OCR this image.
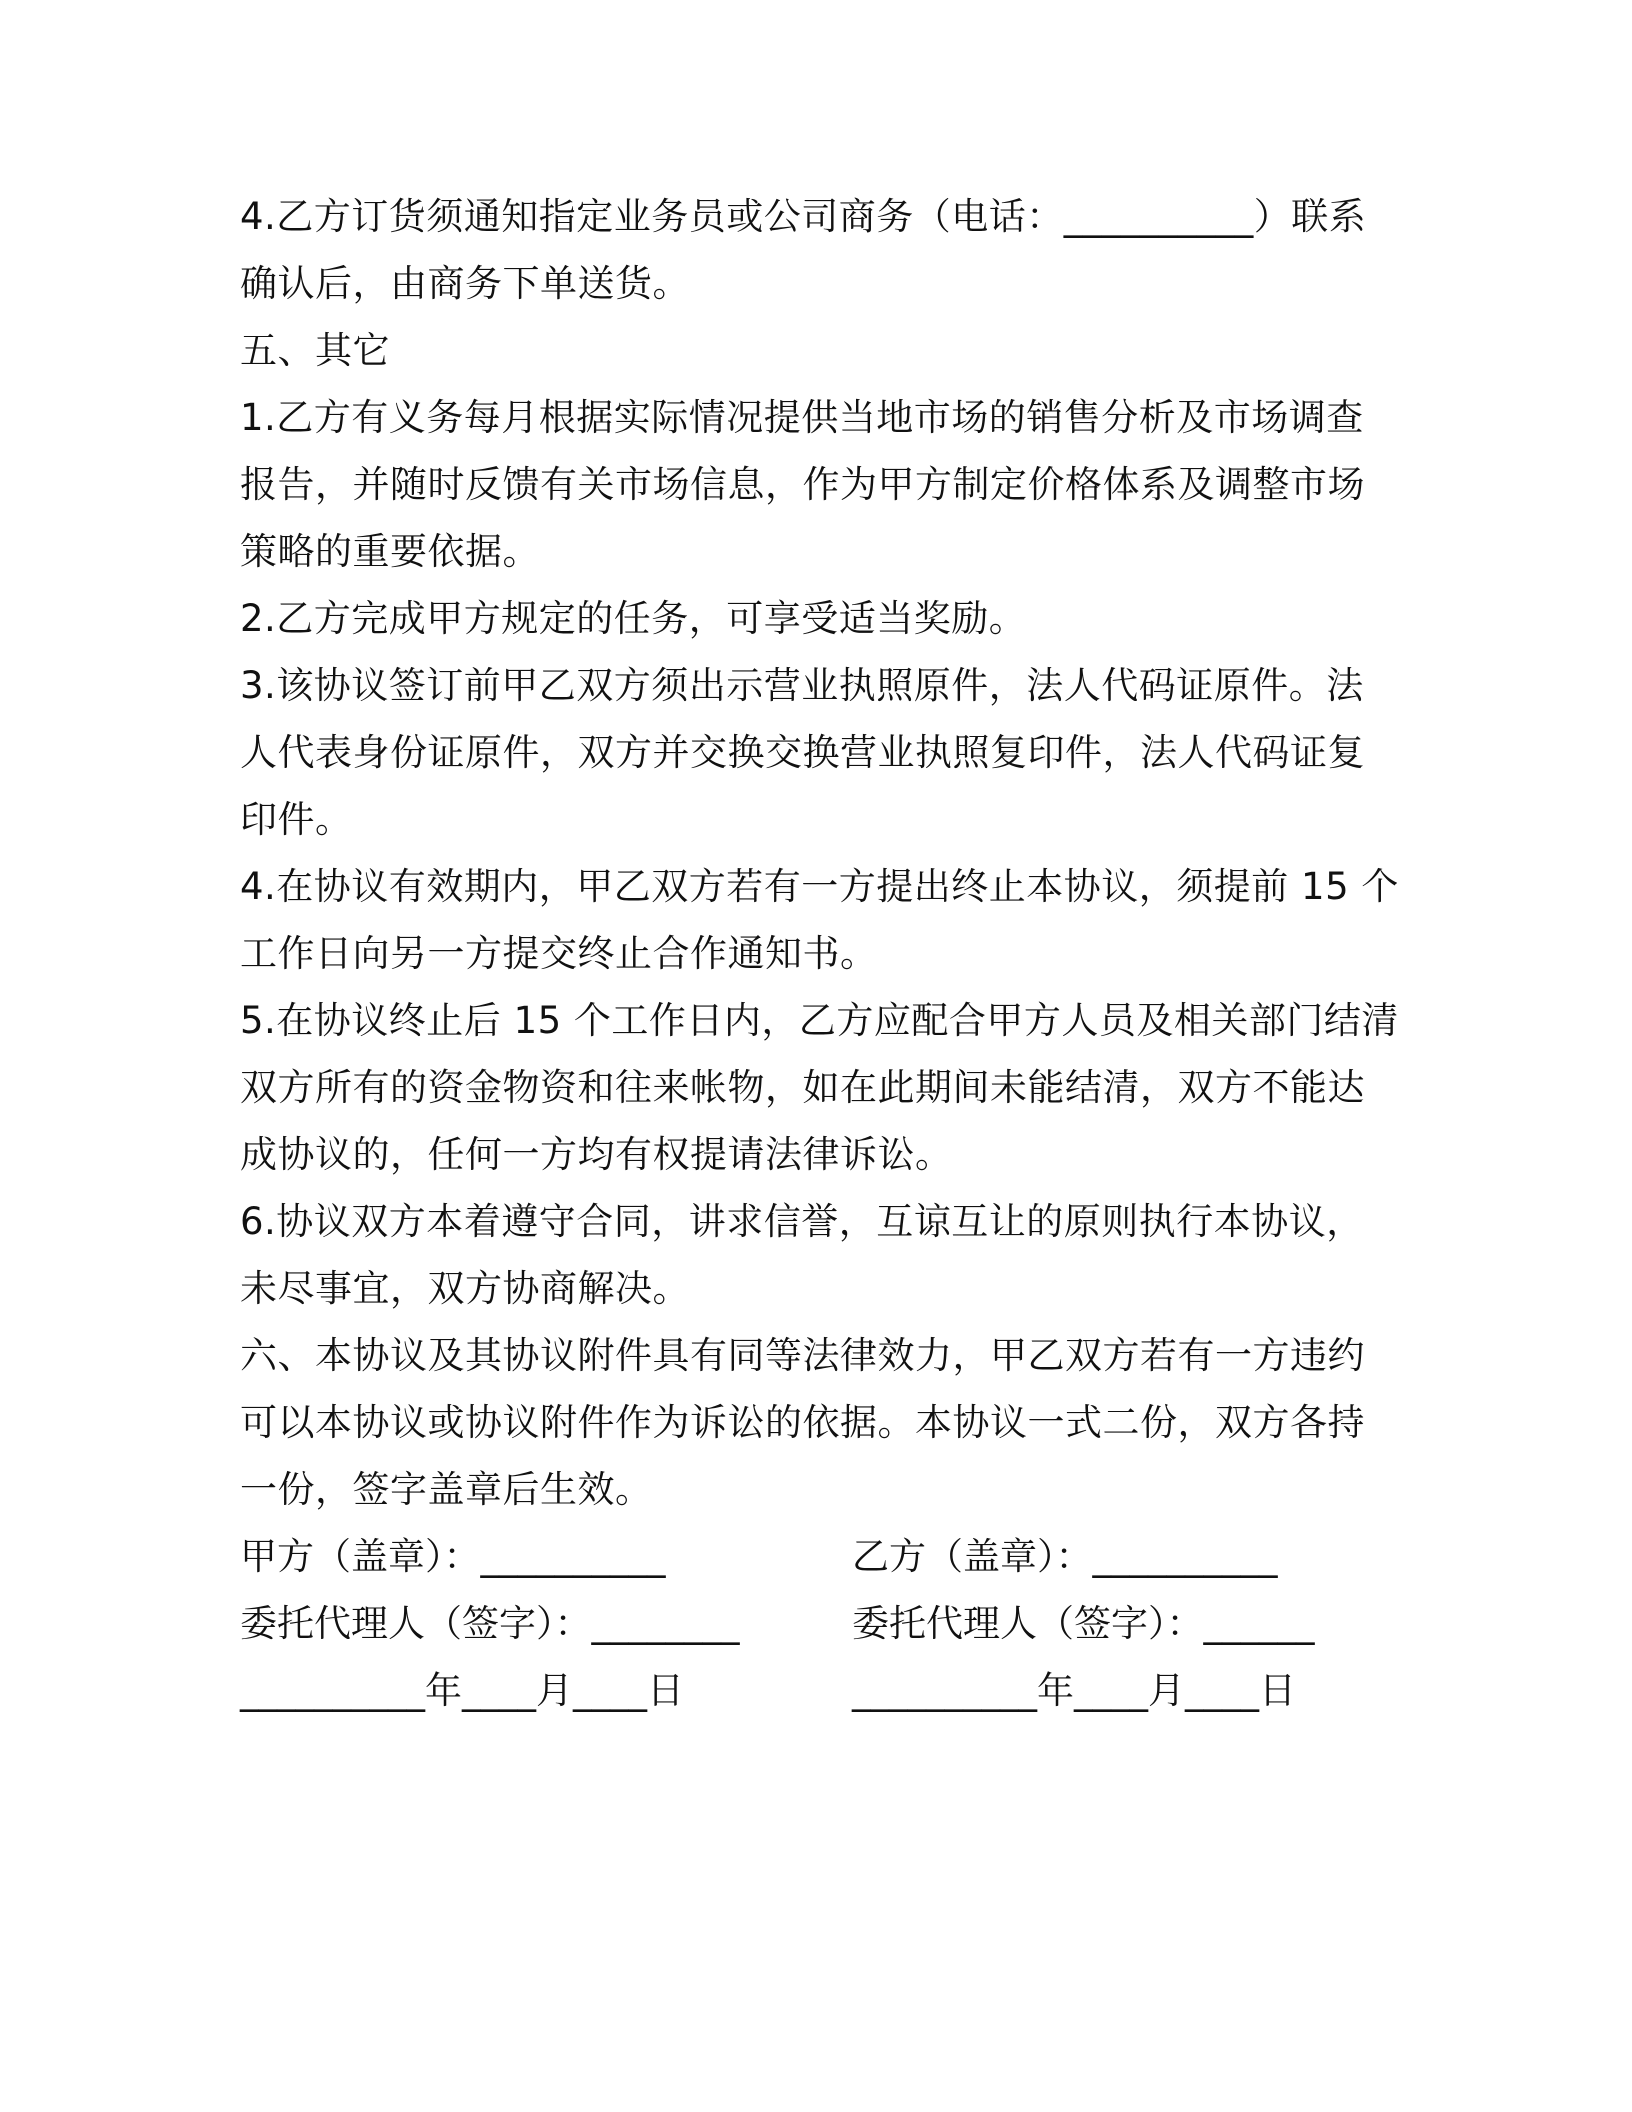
4.乙方订货须通知指定业务员或公司商务（电话：__________）联系
确认后，由商务下单送货。
五、其它
1.乙方有义务每月根据实际情况提供当地市场的销售分析及市场调查
报告，并随时反馈有关市场信息，作为甲方制定价格体系及调整市场
策略的重要依据。
2.乙方完成甲方规定的任务，可享受适当奖励。
3.该协议签订前甲乙双方须出示营业执照原件，法人代码证原件。法
人代表身份证原件，双方并交换交换营业执照复印件，法人代码证复
印件。
4.在协议有效期内，甲乙双方若有一方提出终止本协议，须提前 15 个
工作日向另一方提交终止合作通知书。
5.在协议终止后 15 个工作日内，乙方应配合甲方人员及相关部门结清
双方所有的资金物资和往来帐物，如在此期间未能结清，双方不能达
成协议的，任何一方均有权提请法律诉讼。
6.协议双方本着遵守合同，讲求信誉，互谅互让的原则执行本协议，
未尽事宜，双方协商解决。
六、本协议及其协议附件具有同等法律效力，甲乙双方若有一方违约
可以本协议或协议附件作为诉讼的依据。本协议一式二份，双方各持
一份，签字盖章后生效。
甲方（盖章）：__________	乙方（盖章）：__________
委托代理人（签字）：________	委托代理人（签字）：______
__________年____月____日	__________年____月____日
